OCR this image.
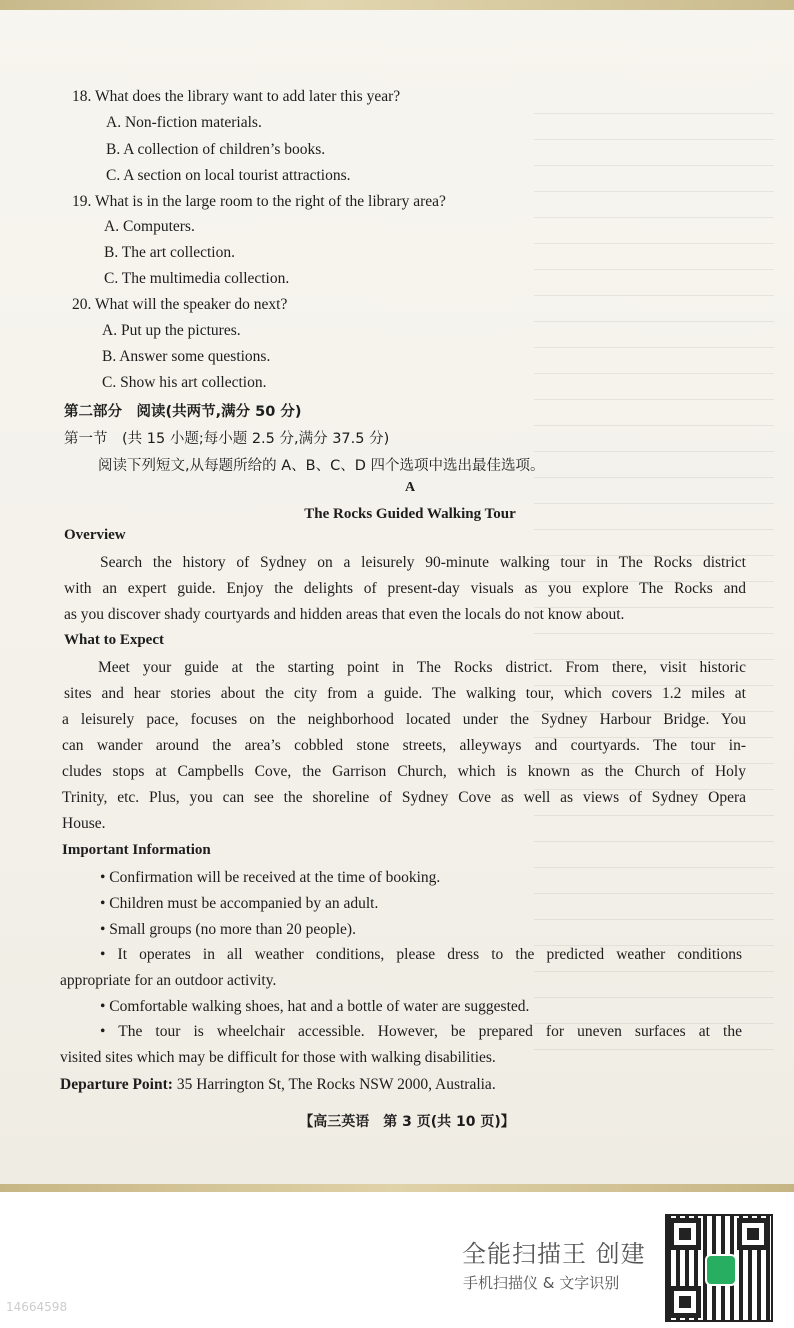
18. What does the library want to add later this year?
A. Non-fiction materials.
B. A collection of children’s books.
C. A section on local tourist attractions.
19. What is in the large room to the right of the library area?
A. Computers.
B. The art collection.
C. The multimedia collection.
20. What will the speaker do next?
A. Put up the pictures.
B. Answer some questions.
C. Show his art collection.
第二部分　阅读(共两节,满分 50 分)
第一节　(共 15 小题;每小题 2.5 分,满分 37.5 分)
阅读下列短文,从每题所给的 A、B、C、D 四个选项中选出最佳选项。
A
The Rocks Guided Walking Tour
Overview
Search the history of Sydney on a leisurely 90-minute walking tour in The Rocks district
with an expert guide. Enjoy the delights of present-day visuals as you explore The Rocks and
as you discover shady courtyards and hidden areas that even the locals do not know about.
What to Expect
Meet your guide at the starting point in The Rocks district. From there, visit historic
sites and hear stories about the city from a guide. The walking tour, which covers 1.2 miles at
a leisurely pace, focuses on the neighborhood located under the Sydney Harbour Bridge. You
can wander around the area’s cobbled stone streets, alleyways and courtyards. The tour in-
cludes stops at Campbells Cove, the Garrison Church, which is known as the Church of Holy
Trinity, etc. Plus, you can see the shoreline of Sydney Cove as well as views of Sydney Opera
House.
Important Information
• Confirmation will be received at the time of booking.
• Children must be accompanied by an adult.
• Small groups (no more than 20 people).
• It operates in all weather conditions, please dress to the predicted weather conditions
appropriate for an outdoor activity.
• Comfortable walking shoes, hat and a bottle of water are suggested.
• The tour is wheelchair accessible. However, be prepared for uneven surfaces at the
visited sites which may be difficult for those with walking disabilities.
Departure Point: 35 Harrington St, The Rocks NSW 2000, Australia.
【高三英语　第 3 页(共 10 页)】
全能扫描王 创建
手机扫描仪 & 文字识别
14664598
